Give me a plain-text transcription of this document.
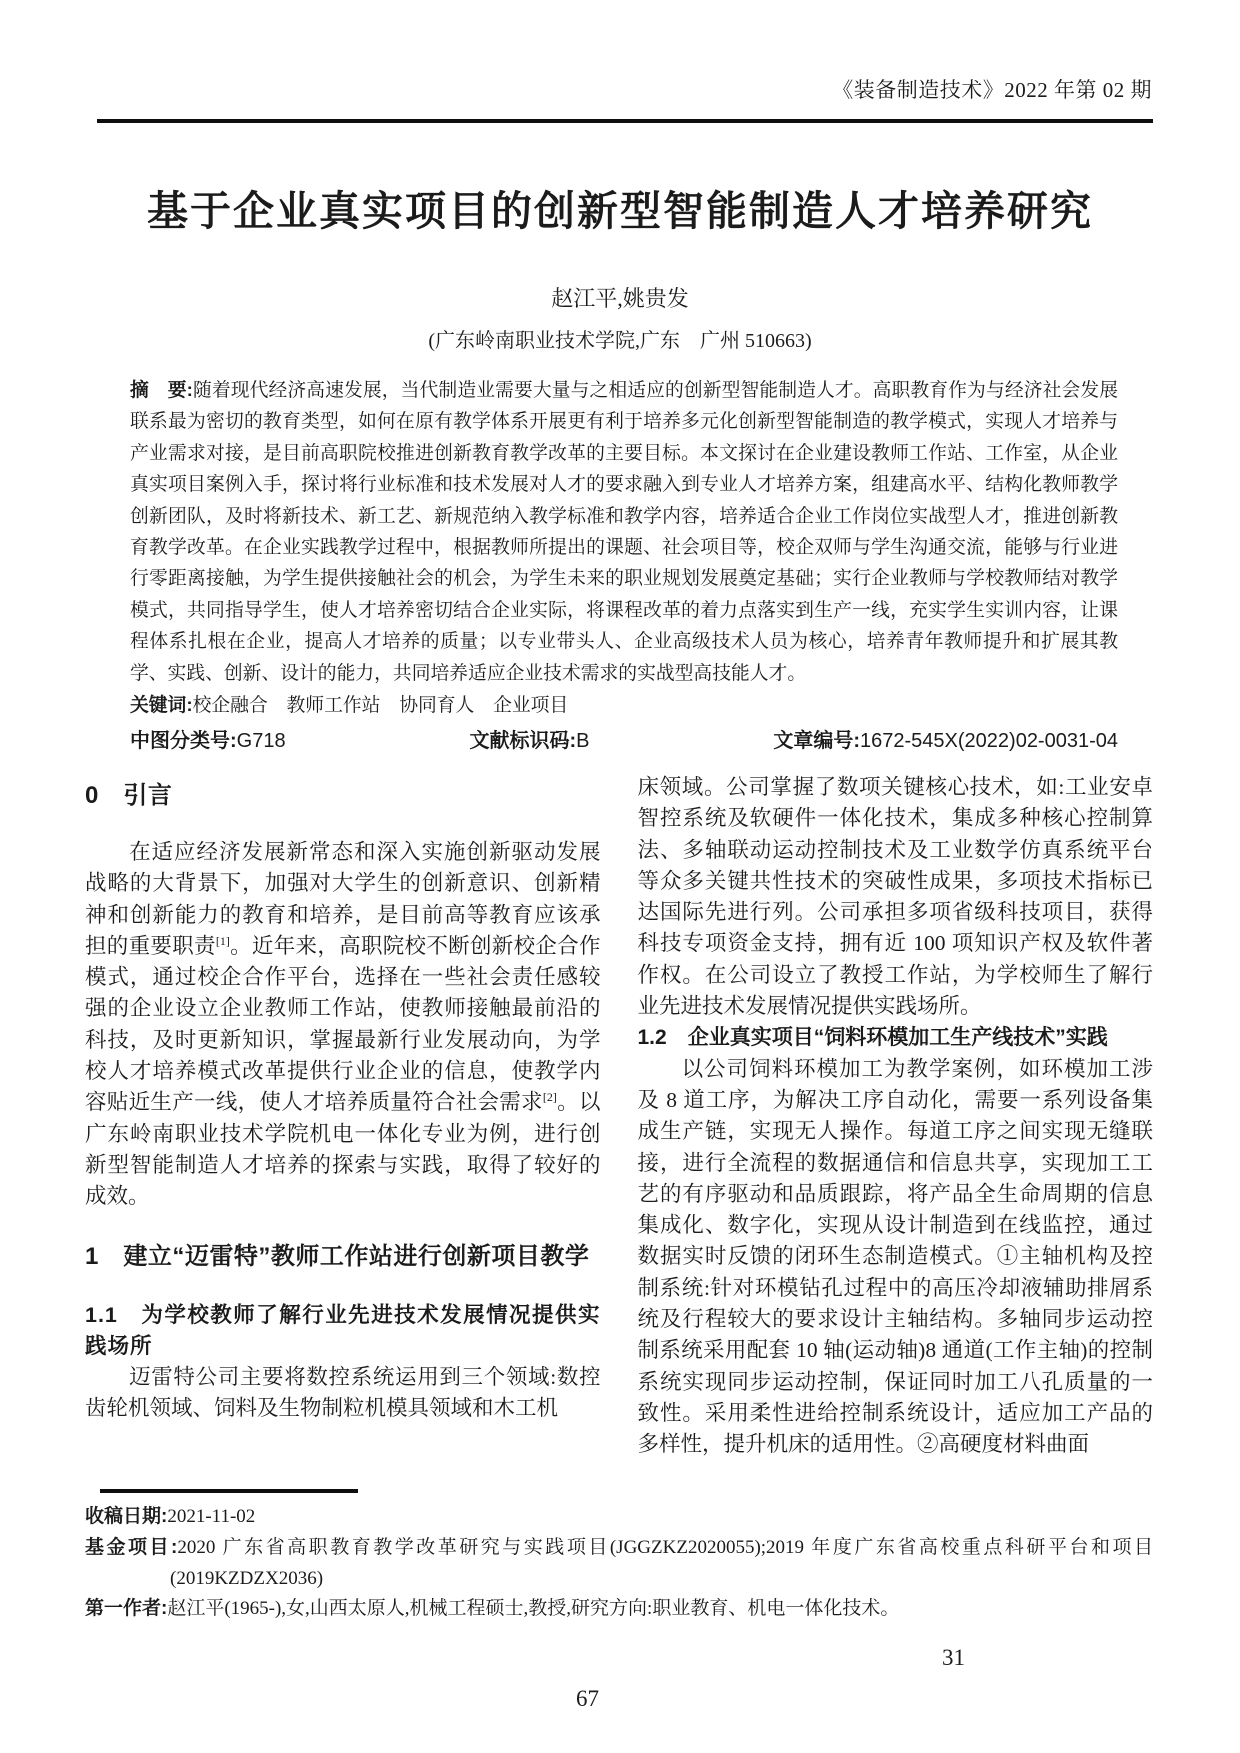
《装备制造技术》2022 年第 02 期
基于企业真实项目的创新型智能制造人才培养研究
赵江平,姚贵发
(广东岭南职业技术学院,广东　广州 510663)

摘　要:随着现代经济高速发展，当代制造业需要大量与之相适应的创新型智能制造人才。高职教育作为与经济社会发展联系最为密切的教育类型，如何在原有教学体系开展更有利于培养多元化创新型智能制造的教学模式，实现人才培养与产业需求对接，是目前高职院校推进创新教育教学改革的主要目标。本文探讨在企业建设教师工作站、工作室，从企业真实项目案例入手，探讨将行业标准和技术发展对人才的要求融入到专业人才培养方案，组建高水平、结构化教师教学创新团队，及时将新技术、新工艺、新规范纳入教学标准和教学内容，培养适合企业工作岗位实战型人才，推进创新教育教学改革。在企业实践教学过程中，根据教师所提出的课题、社会项目等，校企双师与学生沟通交流，能够与行业进行零距离接触，为学生提供接触社会的机会，为学生未来的职业规划发展奠定基础；实行企业教师与学校教师结对教学模式，共同指导学生，使人才培养密切结合企业实际，将课程改革的着力点落实到生产一线，充实学生实训内容，让课程体系扎根在企业，提高人才培养的质量；以专业带头人、企业高级技术人员为核心，培养青年教师提升和扩展其教学、实践、创新、设计的能力，共同培养适应企业技术需求的实战型高技能人才。

关键词:校企融合　教师工作站　协同育人　企业项目

中图分类号:G718	文献标识码:B	文章编号:1672-545X(2022)02-0031-04
0　引言

在适应经济发展新常态和深入实施创新驱动发展战略的大背景下，加强对大学生的创新意识、创新精神和创新能力的教育和培养，是目前高等教育应该承担的重要职责[1]。近年来，高职院校不断创新校企合作模式，通过校企合作平台，选择在一些社会责任感较强的企业设立企业教师工作站，使教师接触最前沿的科技，及时更新知识，掌握最新行业发展动向，为学校人才培养模式改革提供行业企业的信息，使教学内容贴近生产一线，使人才培养质量符合社会需求[2]。以广东岭南职业技术学院机电一体化专业为例，进行创新型智能制造人才培养的探索与实践，取得了较好的成效。

1　建立“迈雷特”教师工作站进行创新项目教学
1.1　为学校教师了解行业先进技术发展情况提供实践场所

迈雷特公司主要将数控系统运用到三个领域:数控齿轮机领域、饲料及生物制粒机模具领域和木工机

床领域。公司掌握了数项关键核心技术，如:工业安卓智控系统及软硬件一体化技术，集成多种核心控制算法、多轴联动运动控制技术及工业数学仿真系统平台等众多关键共性技术的突破性成果，多项技术指标已达国际先进行列。公司承担多项省级科技项目，获得科技专项资金支持，拥有近 100 项知识产权及软件著作权。在公司设立了教授工作站，为学校师生了解行业先进技术发展情况提供实践场所。

1.2　企业真实项目“饲料环模加工生产线技术”实践

以公司饲料环模加工为教学案例，如环模加工涉及 8 道工序，为解决工序自动化，需要一系列设备集成生产链，实现无人操作。每道工序之间实现无缝联接，进行全流程的数据通信和信息共享，实现加工工艺的有序驱动和品质跟踪，将产品全生命周期的信息集成化、数字化，实现从设计制造到在线监控，通过数据实时反馈的闭环生态制造模式。①主轴机构及控制系统:针对环模钻孔过程中的高压冷却液辅助排屑系统及行程较大的要求设计主轴结构。多轴同步运动控制系统采用配套 10 轴(运动轴)8 通道(工作主轴)的控制系统实现同步运动控制，保证同时加工八孔质量的一致性。采用柔性进给控制系统设计，适应加工产品的多样性，提升机床的适用性。②高硬度材料曲面

收稿日期:2021-11-02

基金项目:2020 广东省高职教育教学改革研究与实践项目(JGGZKZ2020055);2019 年度广东省高校重点科研平台和项目(2019KZDZX2036)

第一作者:赵江平(1965-),女,山西太原人,机械工程硕士,教授,研究方向:职业教育、机电一体化技术。

31
67
